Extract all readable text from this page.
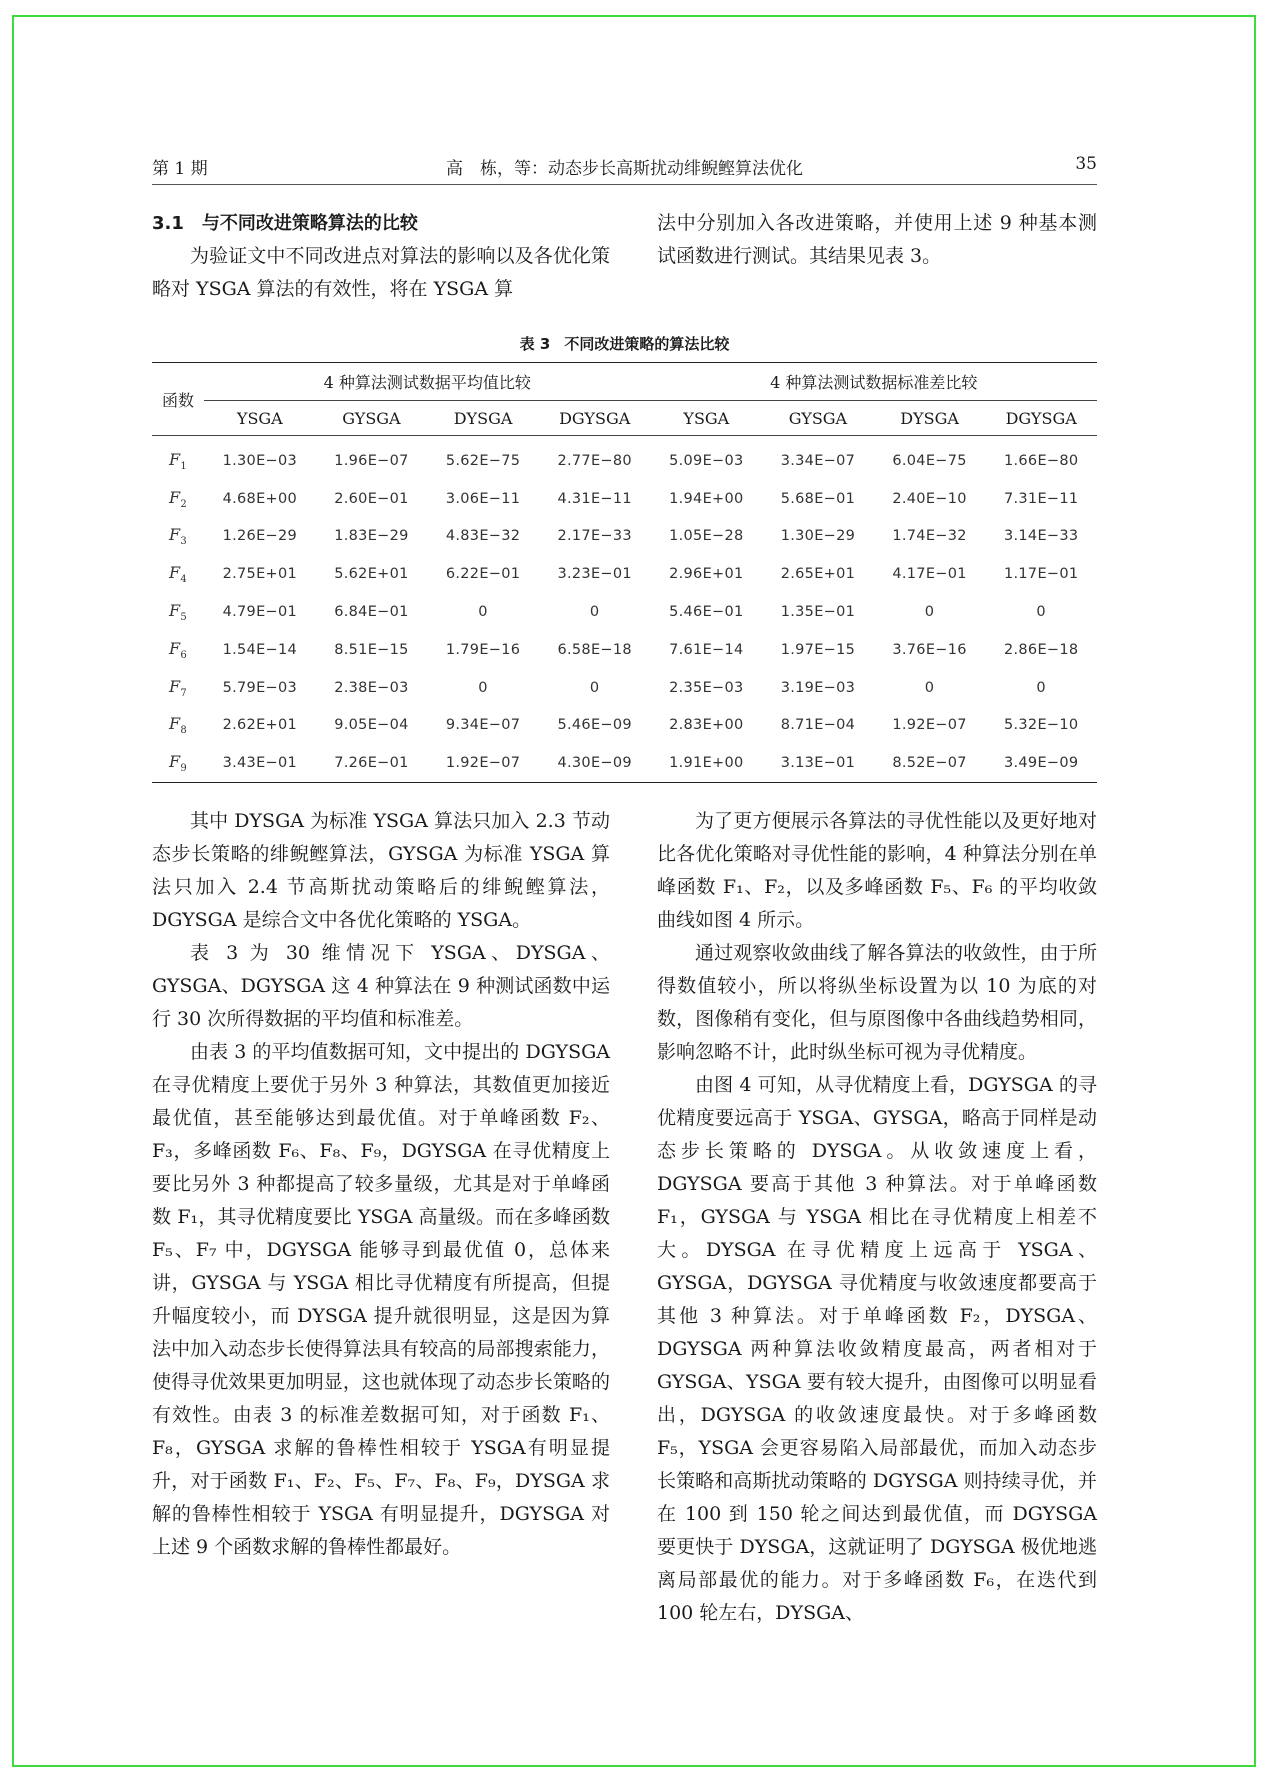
第 1 期	高　栋，等：动态步长高斯扰动绯鲵鲣算法优化	35
3.1 与不同改进策略算法的比较

为验证文中不同改进点对算法的影响以及各优化策略对 YSGA 算法的有效性，将在 YSGA 算

法中分别加入各改进策略，并使用上述 9 种基本测试函数进行测试。其结果见表 3。

表 3 不同改进策略的算法比较
函数	4 种算法测试数据平均值比较				4 种算法测试数据标准差比较			
	YSGA	GYSGA	DYSGA	DGYSGA	YSGA	GYSGA	DYSGA	DGYSGA
$F_1$	1.30E−03	1.96E−07	5.62E−75	2.77E−80	5.09E−03	3.34E−07	6.04E−75	1.66E−80
$F_2$	4.68E+00	2.60E−01	3.06E−11	4.31E−11	1.94E+00	5.68E−01	2.40E−10	7.31E−11
$F_3$	1.26E−29	1.83E−29	4.83E−32	2.17E−33	1.05E−28	1.30E−29	1.74E−32	3.14E−33
$F_4$	2.75E+01	5.62E+01	6.22E−01	3.23E−01	2.96E+01	2.65E+01	4.17E−01	1.17E−01
$F_5$	4.79E−01	6.84E−01	0	0	5.46E−01	1.35E−01	0	0
$F_6$	1.54E−14	8.51E−15	1.79E−16	6.58E−18	7.61E−14	1.97E−15	3.76E−16	2.86E−18
$F_7$	5.79E−03	2.38E−03	0	0	2.35E−03	3.19E−03	0	0
$F_8$	2.62E+01	9.05E−04	9.34E−07	5.46E−09	2.83E+00	8.71E−04	1.92E−07	5.32E−10
$F_9$	3.43E−01	7.26E−01	1.92E−07	4.30E−09	1.91E+00	3.13E−01	8.52E−07	3.49E−09

其中 DYSGA 为标准 YSGA 算法只加入 2.3 节动态步长策略的绯鲵鲣算法，GYSGA 为标准 YSGA 算法只加入 2.4 节高斯扰动策略后的绯鲵鲣算法，DGYSGA 是综合文中各优化策略的 YSGA。

表 3 为 30 维情况下 YSGA、DYSGA、GYSGA、DGYSGA 这 4 种算法在 9 种测试函数中运行 30 次所得数据的平均值和标准差。

由表 3 的平均值数据可知，文中提出的 DGYSGA 在寻优精度上要优于另外 3 种算法，其数值更加接近最优值，甚至能够达到最优值。对于单峰函数 F₂、F₃，多峰函数 F₆、F₈、F₉，DGYSGA 在寻优精度上要比另外 3 种都提高了较多量级，尤其是对于单峰函数 F₁，其寻优精度要比 YSGA 高量级。而在多峰函数 F₅、F₇ 中，DGYSGA 能够寻到最优值 0，总体来讲，GYSGA 与 YSGA 相比寻优精度有所提高，但提升幅度较小，而 DYSGA 提升就很明显，这是因为算法中加入动态步长使得算法具有较高的局部搜索能力，使得寻优效果更加明显，这也就体现了动态步长策略的有效性。由表 3 的标准差数据可知，对于函数 F₁、F₈，GYSGA 求解的鲁棒性相较于 YSGA有明显提升，对于函数 F₁、F₂、F₅、F₇、F₈、F₉，DYSGA 求解的鲁棒性相较于 YSGA 有明显提升，DGYSGA 对上述 9 个函数求解的鲁棒性都最好。

为了更方便展示各算法的寻优性能以及更好地对比各优化策略对寻优性能的影响，4 种算法分别在单峰函数 F₁、F₂，以及多峰函数 F₅、F₆ 的平均收敛曲线如图 4 所示。

通过观察收敛曲线了解各算法的收敛性，由于所得数值较小，所以将纵坐标设置为以 10 为底的对数，图像稍有变化，但与原图像中各曲线趋势相同，影响忽略不计，此时纵坐标可视为寻优精度。

由图 4 可知，从寻优精度上看，DGYSGA 的寻优精度要远高于 YSGA、GYSGA，略高于同样是动态步长策略的 DYSGA。从收敛速度上看，DGYSGA 要高于其他 3 种算法。对于单峰函数 F₁，GYSGA 与 YSGA 相比在寻优精度上相差不大。DYSGA 在寻优精度上远高于 YSGA、GYSGA，DGYSGA 寻优精度与收敛速度都要高于其他 3 种算法。对于单峰函数 F₂，DYSGA、DGYSGA 两种算法收敛精度最高，两者相对于 GYSGA、YSGA 要有较大提升，由图像可以明显看出，DGYSGA 的收敛速度最快。对于多峰函数 F₅，YSGA 会更容易陷入局部最优，而加入动态步长策略和高斯扰动策略的 DGYSGA 则持续寻优，并在 100 到 150 轮之间达到最优值，而 DGYSGA 要更快于 DYSGA，这就证明了 DGYSGA 极优地逃离局部最优的能力。对于多峰函数 F₆，在迭代到 100 轮左右，DYSGA、
